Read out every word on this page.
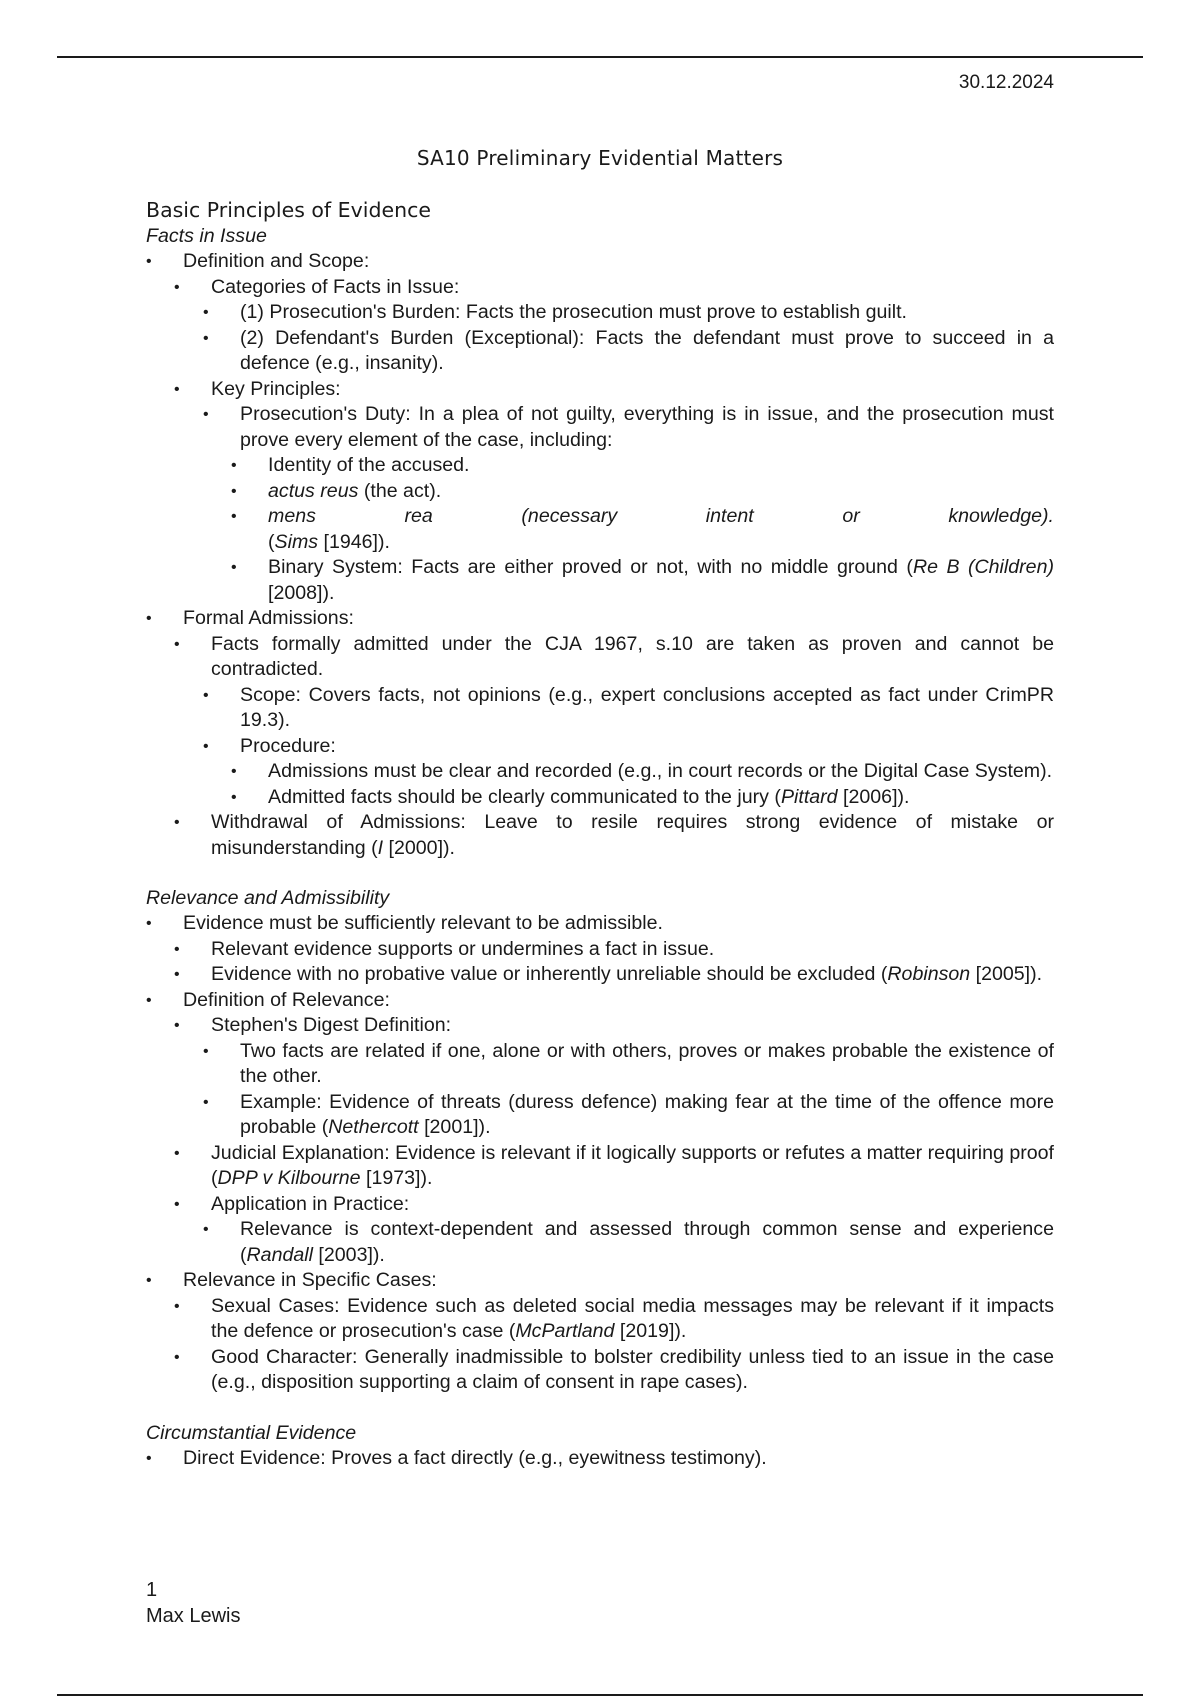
30.12.2024
SA10 Preliminary Evidential Matters
Basic Principles of Evidence

Facts in Issue

• Definition and Scope:
• Categories of Facts in Issue:
• (1) Prosecution's Burden: Facts the prosecution must prove to establish guilt.
• (2) Defendant's Burden (Exceptional): Facts the defendant must prove to succeed in a defence (e.g., insanity).
• Key Principles:
• Prosecution's Duty: In a plea of not guilty, everything is in issue, and the prosecution must prove every element of the case, including:
• Identity of the accused.
• actus reus (the act).
• mens rea (necessary intent or knowledge).
(Sims [1946]).
• Binary System: Facts are either proved or not, with no middle ground (Re B (Children) [2008]).
• Formal Admissions:
• Facts formally admitted under the CJA 1967, s.10 are taken as proven and cannot be contradicted.
• Scope: Covers facts, not opinions (e.g., expert conclusions accepted as fact under CrimPR 19.3).
• Procedure:
• Admissions must be clear and recorded (e.g., in court records or the Digital Case System).
• Admitted facts should be clearly communicated to the jury (Pittard [2006]).
• Withdrawal of Admissions: Leave to resile requires strong evidence of mistake or misunderstanding (I [2000]).

Relevance and Admissibility

• Evidence must be sufficiently relevant to be admissible.
• Relevant evidence supports or undermines a fact in issue.
• Evidence with no probative value or inherently unreliable should be excluded (Robinson [2005]).
• Definition of Relevance:
• Stephen's Digest Definition:
• Two facts are related if one, alone or with others, proves or makes probable the existence of the other.
• Example: Evidence of threats (duress defence) making fear at the time of the offence more probable (Nethercott [2001]).
• Judicial Explanation: Evidence is relevant if it logically supports or refutes a matter requiring proof (DPP v Kilbourne [1973]).
• Application in Practice:
• Relevance is context-dependent and assessed through common sense and experience (Randall [2003]).
• Relevance in Specific Cases:
• Sexual Cases: Evidence such as deleted social media messages may be relevant if it impacts the defence or prosecution's case (McPartland [2019]).
• Good Character: Generally inadmissible to bolster credibility unless tied to an issue in the case (e.g., disposition supporting a claim of consent in rape cases).

Circumstantial Evidence

• Direct Evidence: Proves a fact directly (e.g., eyewitness testimony).
1
Max Lewis
